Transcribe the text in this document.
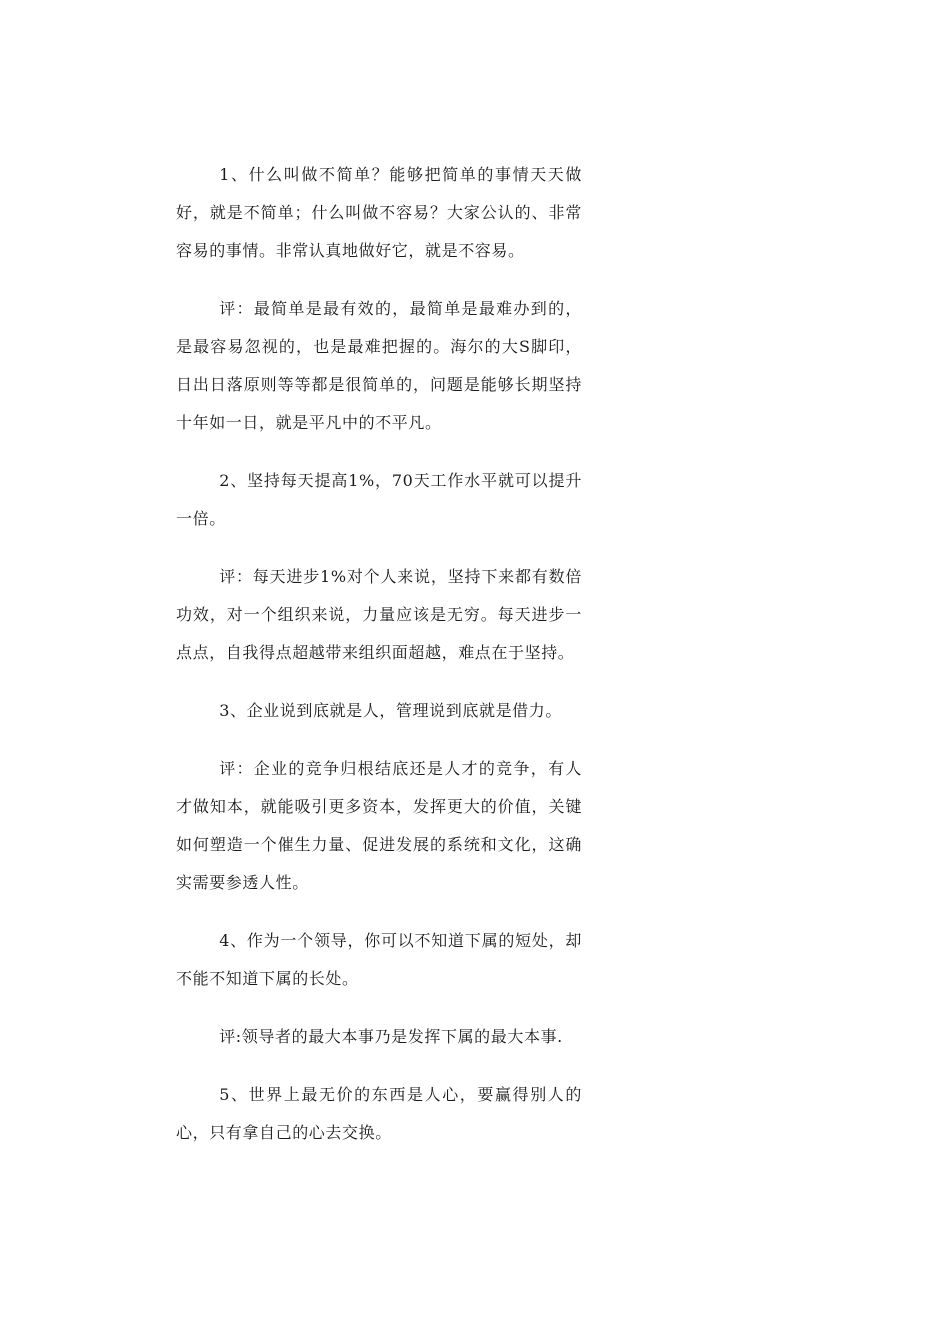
1、什么叫做不简单？能够把简单的事情天天做好，就是不简单；什么叫做不容易？大家公认的、非常容易的事情。非常认真地做好它，就是不容易。

评：最简单是最有效的，最简单是最难办到的，是最容易忽视的，也是最难把握的。海尔的大S脚印，日出日落原则等等都是很简单的，问题是能够长期坚持十年如一日，就是平凡中的不平凡。

2、坚持每天提高1%，70天工作水平就可以提升一倍。

评：每天进步1%对个人来说，坚持下来都有数倍功效，对一个组织来说，力量应该是无穷。每天进步一点点，自我得点超越带来组织面超越，难点在于坚持。

3、企业说到底就是人，管理说到底就是借力。

评：企业的竞争归根结底还是人才的竞争，有人才做知本，就能吸引更多资本，发挥更大的价值，关键如何塑造一个催生力量、促进发展的系统和文化，这确实需要参透人性。

4、作为一个领导，你可以不知道下属的短处，却不能不知道下属的长处。

评:领导者的最大本事乃是发挥下属的最大本事.

5、世界上最无价的东西是人心，要赢得别人的心，只有拿自己的心去交换。
